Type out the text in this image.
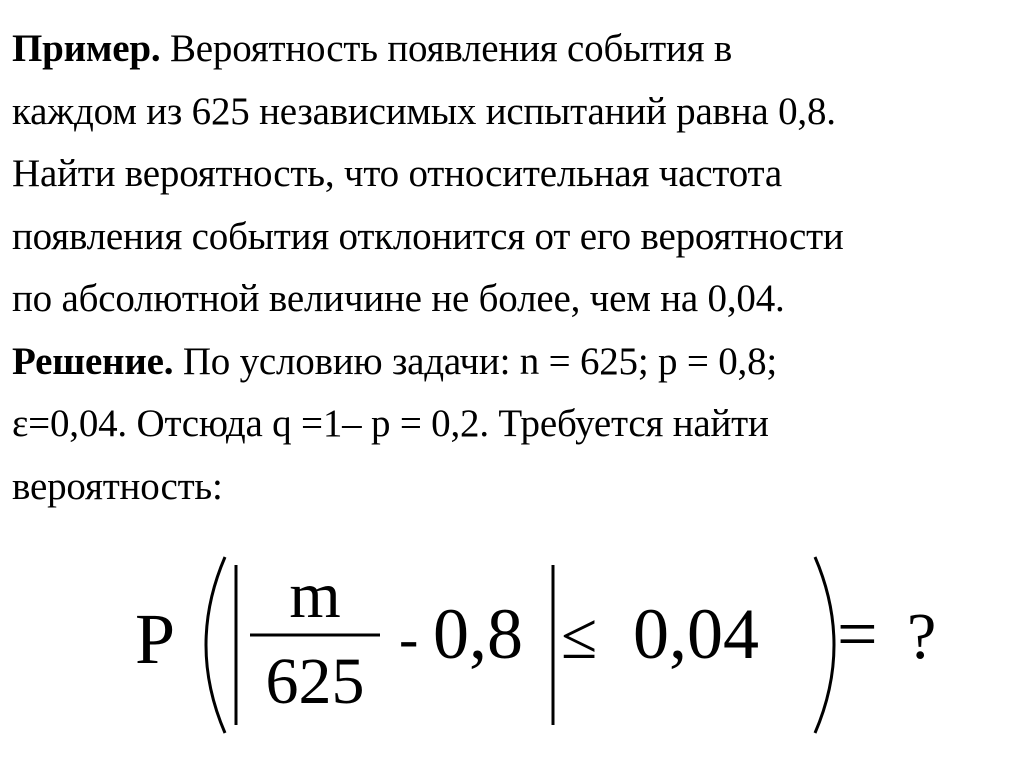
Пример. Вероятность появления события в
каждом из 625 независимых испытаний равна 0,8.
Найти вероятность, что относительная частота
появления события отклонится от его вероятности
по абсолютной величине не более, чем на 0,04.
Решение. По условию задачи: n = 625; p = 0,8;
ε=0,04. Отсюда q =1– p = 0,2. Требуется найти
вероятность:
P
m
625
- 0,8 ≤ 0,04 = ?
